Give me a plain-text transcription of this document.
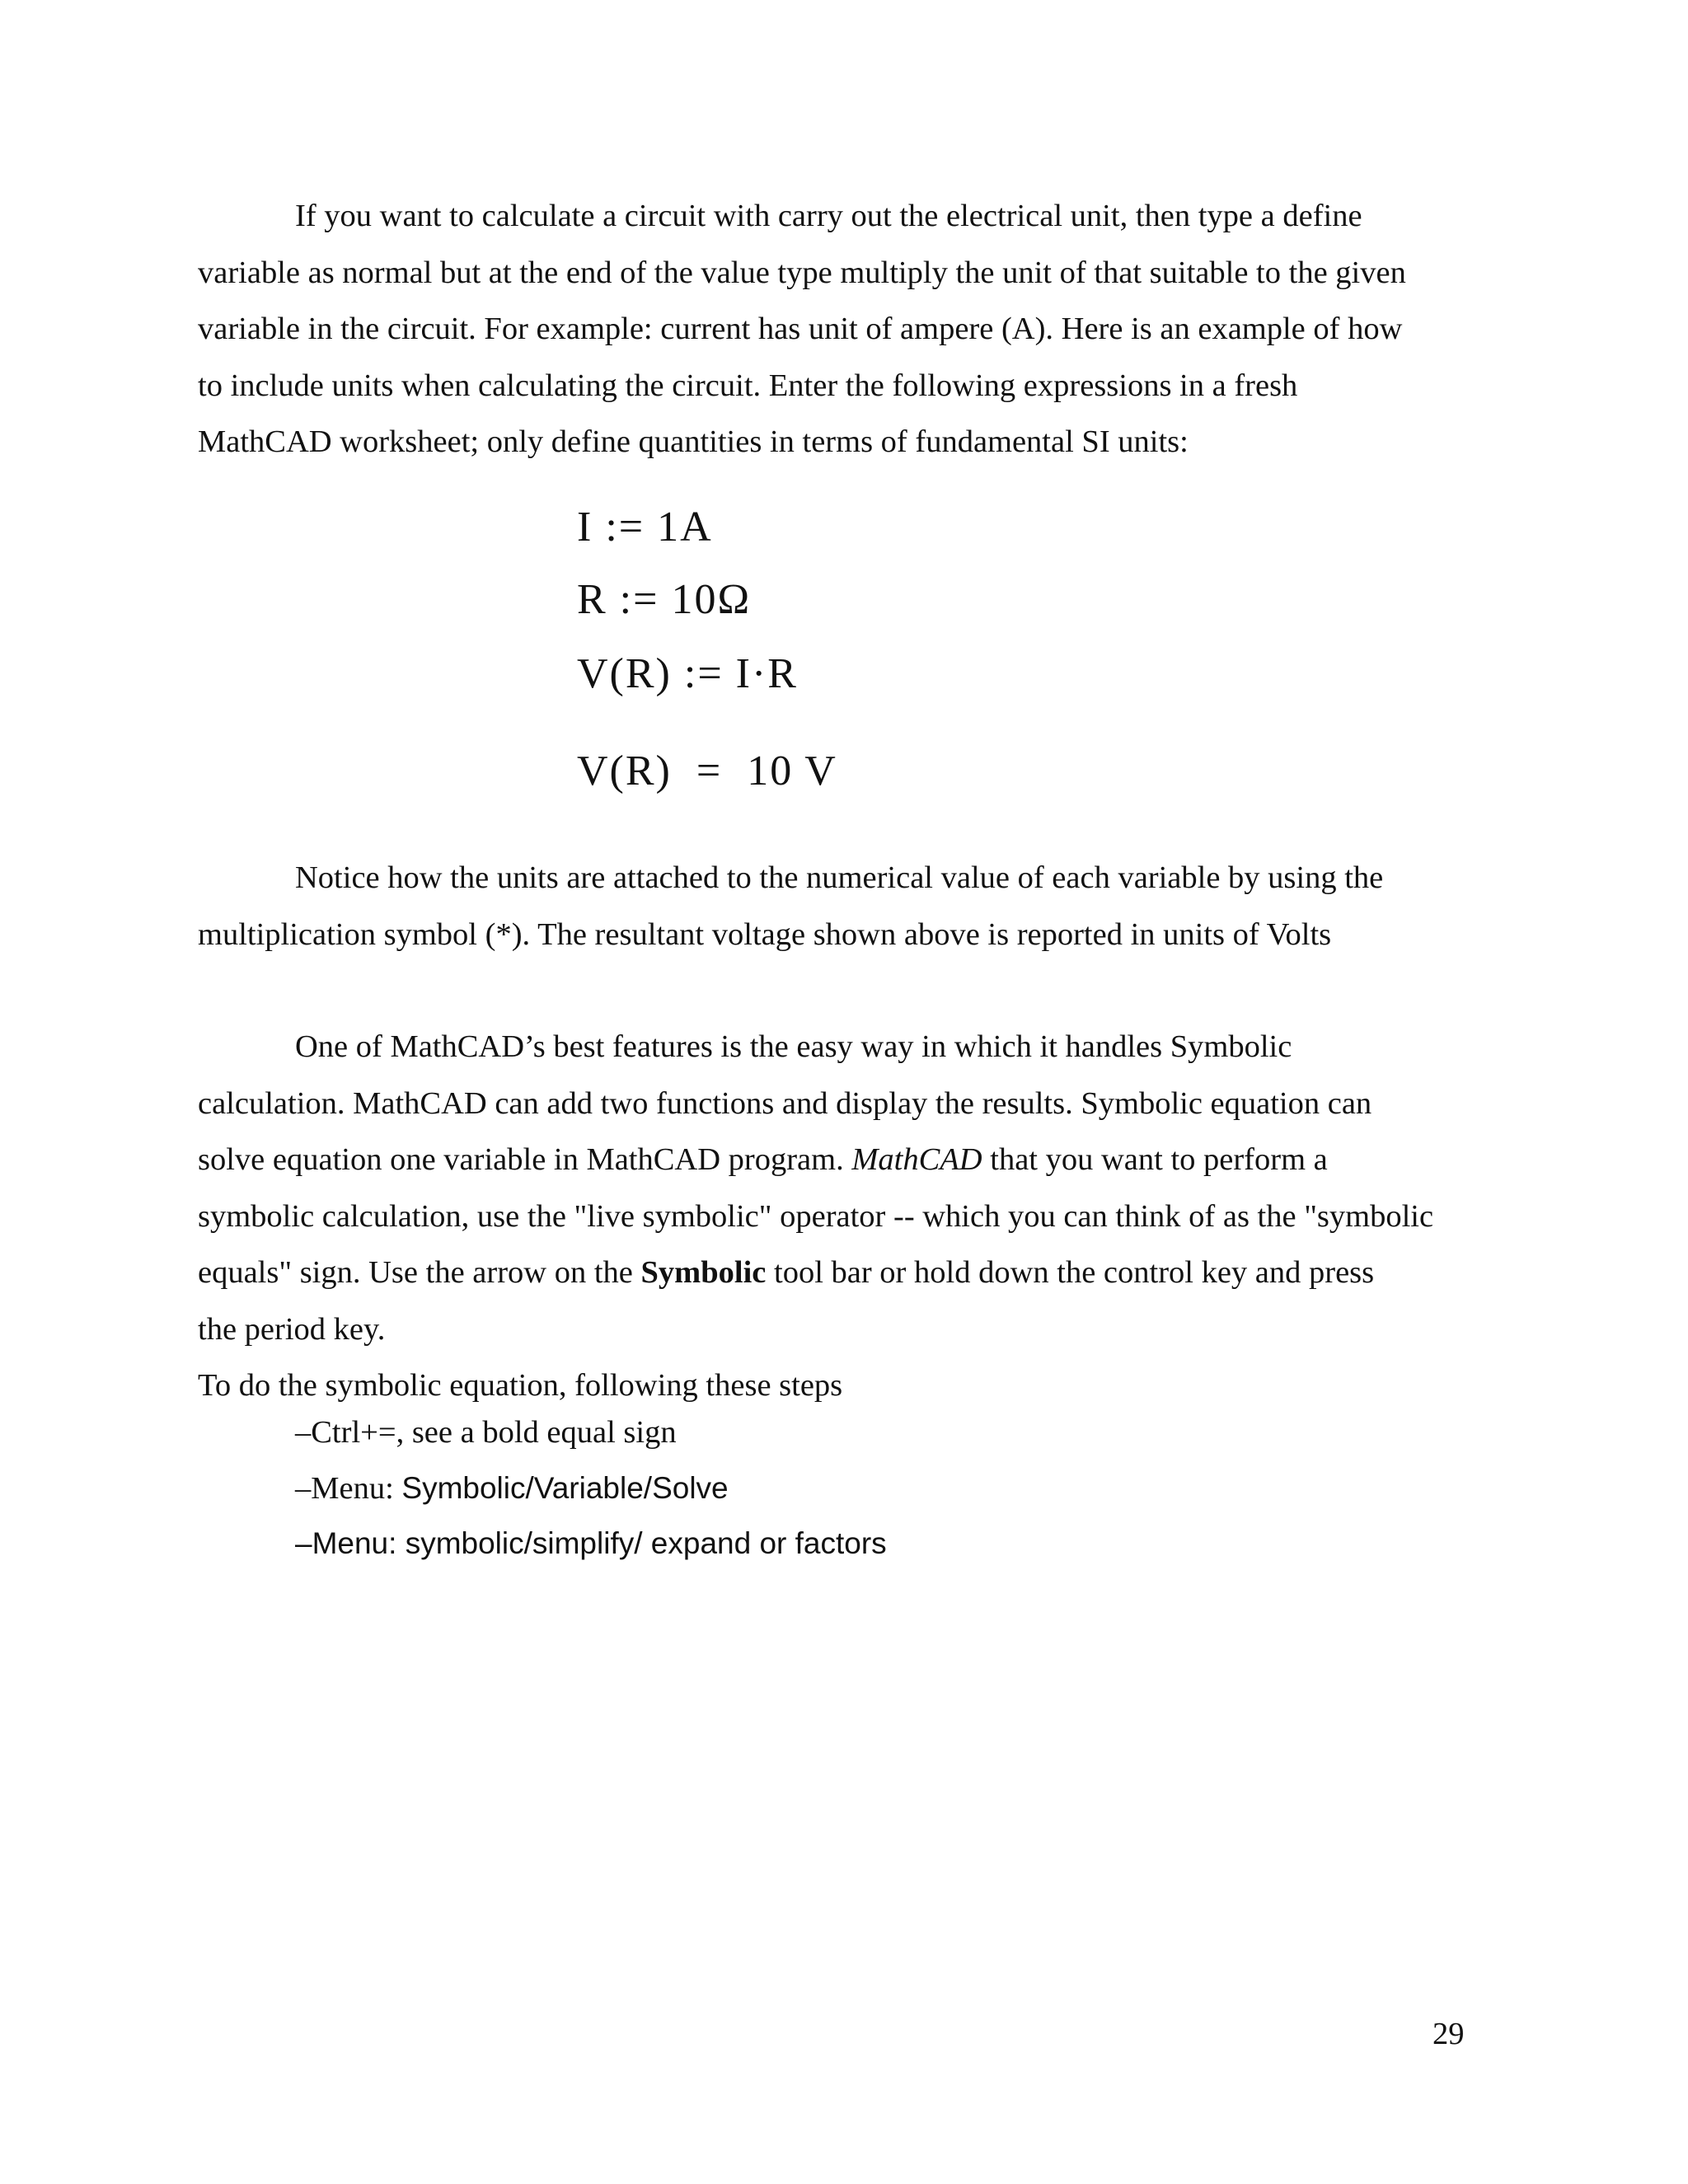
If you want to calculate a circuit with carry out the electrical unit, then type a define
variable as normal but at the end of the value type multiply the unit of that suitable to the given
variable in the circuit. For example: current has unit of ampere (A). Here is an example of how
to include units when calculating the circuit. Enter the following expressions in a fresh
MathCAD worksheet; only define quantities in terms of fundamental SI units:

I := 1A
R := 10Ω
V(R) := I·R
V(R)  =  10 V

Notice how the units are attached to the numerical value of each variable by using the
multiplication symbol (*). The resultant voltage shown above is reported in units of Volts

One of MathCAD’s best features is the easy way in which it handles Symbolic
calculation. MathCAD can add two functions and display the results. Symbolic equation can
solve equation one variable in MathCAD program. MathCAD that you want to perform a
symbolic calculation, use the "live symbolic" operator -- which you can think of as the "symbolic
equals" sign. Use the arrow on the Symbolic tool bar or hold down the control key and press
the period key.

To do the symbolic equation, following these steps
–Ctrl+=, see a bold equal sign
–Menu: Symbolic/Variable/Solve
–Menu: symbolic/simplify/ expand or factors
29
